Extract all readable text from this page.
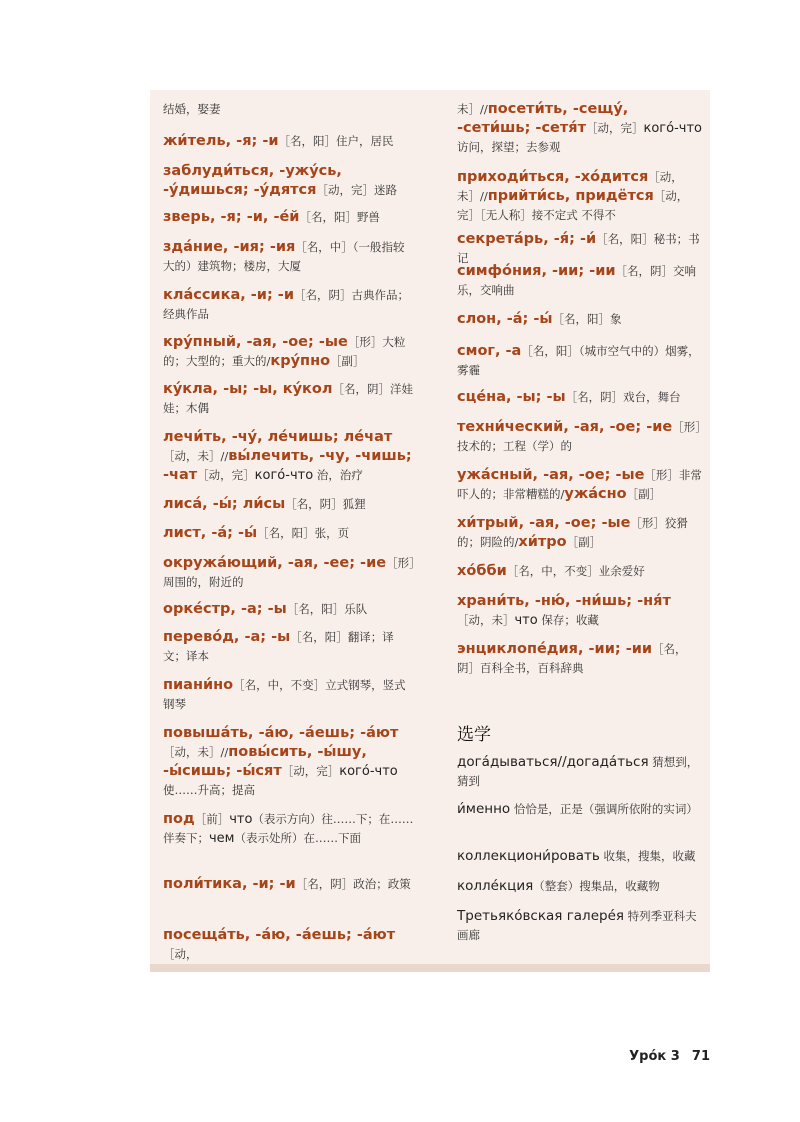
结婚，娶妻

жи́тель, -я; -и［名，阳］住户，居民

заблуди́ться, -ужу́сь, -у́дишься; -у́дятся［动，完］迷路

зверь, -я; -и, -е́й［名，阳］野兽

зда́ние, -ия; -ия［名，中］（一般指较大的）建筑物；楼房，大厦

кла́ссика, -и; -и［名，阴］古典作品；经典作品

кру́пный, -ая, -ое; -ые［形］大粒的；大型的；重大的/кру́пно［副］

ку́кла, -ы; -ы, ку́кол［名，阴］洋娃娃；木偶

лечи́ть, -чу́, ле́чишь; ле́чат［动，未］//вы́лечить, -чу, -чишь; -чат［动，完］кого́-что 治，治疗

лиса́, -ы́; ли́сы［名，阴］狐狸

лист, -а́; -ы́［名，阳］张，页

окружа́ющий, -ая, -ее; -ие［形］周围的，附近的

орке́стр, -а; -ы［名，阳］乐队

перево́д, -а; -ы［名，阳］翻译；译文；译本

пиани́но［名，中，不变］立式钢琴，竖式钢琴

повыша́ть, -а́ю, -а́ешь; -а́ют［动，未］//повы́сить, -ы́шу, -ы́сишь; -ы́сят［动，完］кого́-что 使……升高；提高

под［前］что（表示方向）往……下；在……伴奏下；чем（表示处所）在……下面

поли́тика, -и; -и［名，阴］政治；政策

посеща́ть, -а́ю, -а́ешь; -а́ют［动，

未］//посети́ть, -сещу́, -сети́шь; -сетя́т［动，完］кого́-что 访问，探望；去参观

приходи́ться, -хо́дится［动，未］//прийти́сь, придётся［动，完］［无人称］接不定式 不得不

секрета́рь, -я́; -и́［名，阳］秘书；书记

симфо́ния, -ии; -ии［名，阴］交响乐，交响曲

слон, -а́; -ы́［名，阳］象

смог, -а［名，阳］（城市空气中的）烟雾，雾霾

сце́на, -ы; -ы［名，阴］戏台，舞台

техни́ческий, -ая, -ое; -ие［形］技术的；工程（学）的

ужа́сный, -ая, -ое; -ые［形］非常吓人的；非常糟糕的/ужа́сно［副］

хи́трый, -ая, -ое; -ые［形］狡猾的；阴险的/хи́тро［副］

хо́бби［名，中，不变］业余爱好

храни́ть, -ню́, -ни́шь; -ня́т［动，未］что 保存；收藏

энциклопе́дия, -ии; -ии［名，阴］百科全书，百科辞典

选学

дога́дываться//догада́ться 猜想到，猜到

и́менно 恰恰是，正是（强调所依附的实词）

коллекциони́ровать 收集，搜集，收藏

колле́кция（整套）搜集品，收藏物

Третьяко́вская галере́я 特列季亚科夫画廊

Уро́к 3 71
